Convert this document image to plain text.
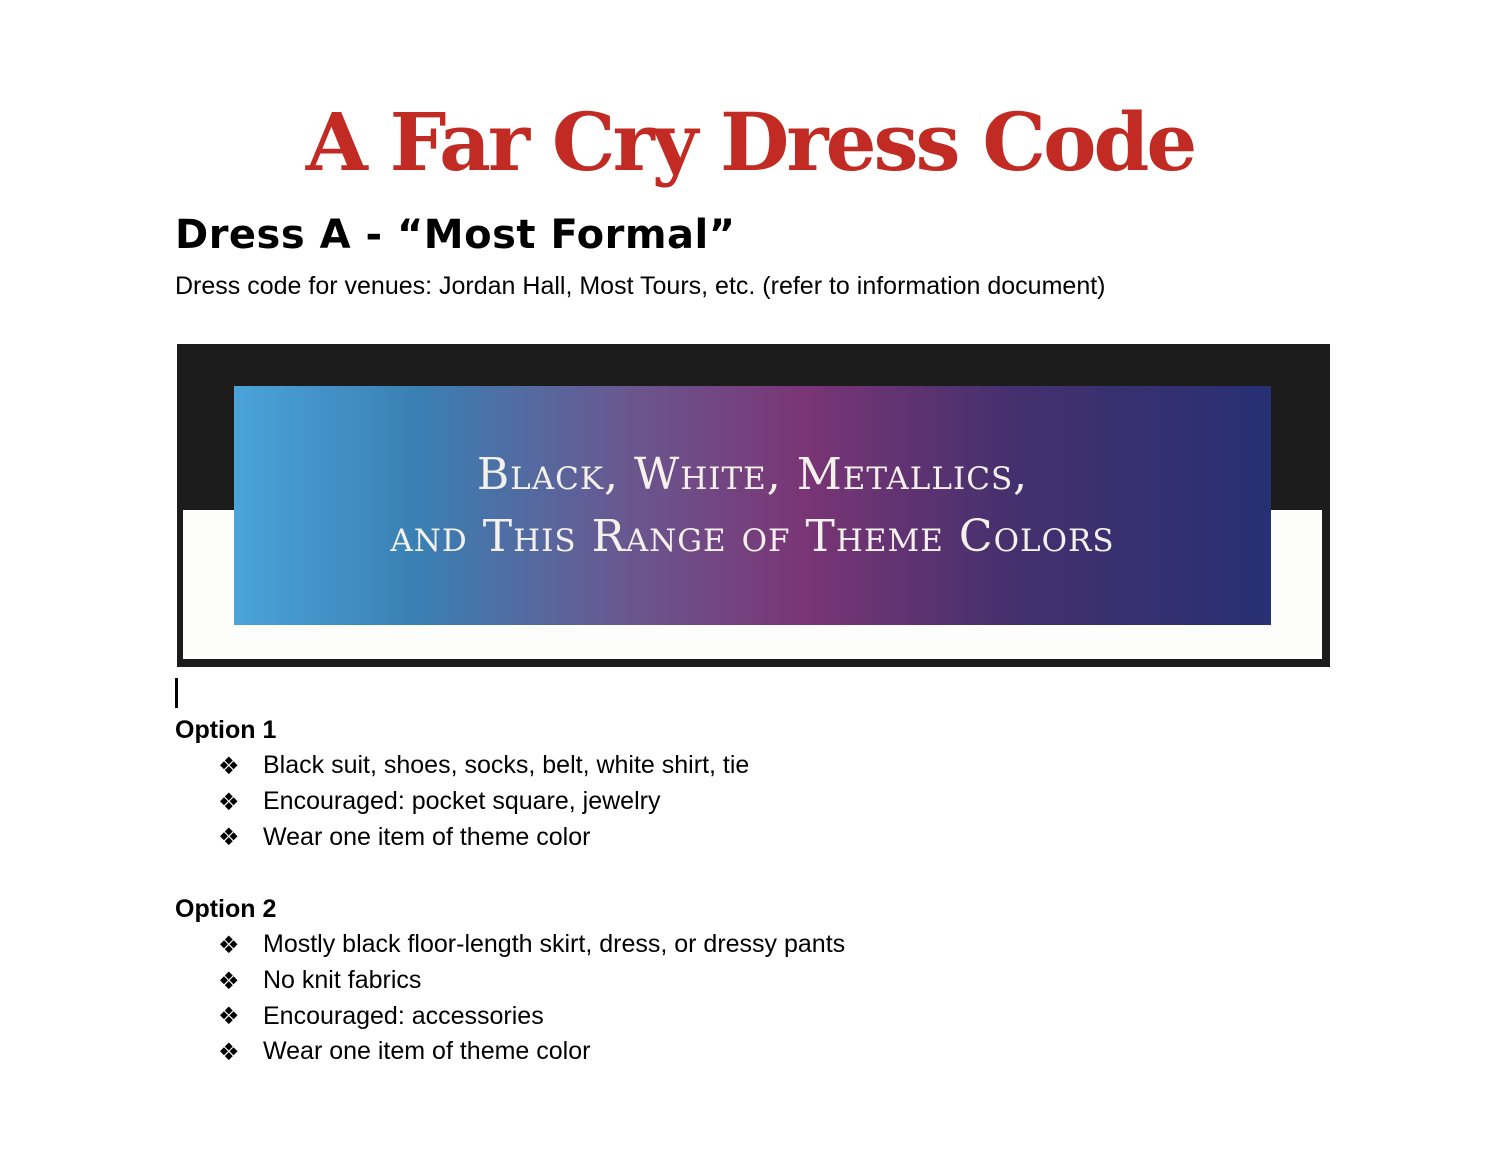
A Far Cry Dress Code
Dress A - “Most Formal”
Dress code for venues: Jordan Hall, Most Tours, etc. (refer to information document)
Black, White, Metallics,
and This Range of Theme Colors
Option 1
❖ Black suit, shoes, socks, belt, white shirt, tie
❖ Encouraged: pocket square, jewelry
❖ Wear one item of theme color
Option 2
❖ Mostly black floor-length skirt, dress, or dressy pants
❖ No knit fabrics
❖ Encouraged: accessories
❖ Wear one item of theme color
